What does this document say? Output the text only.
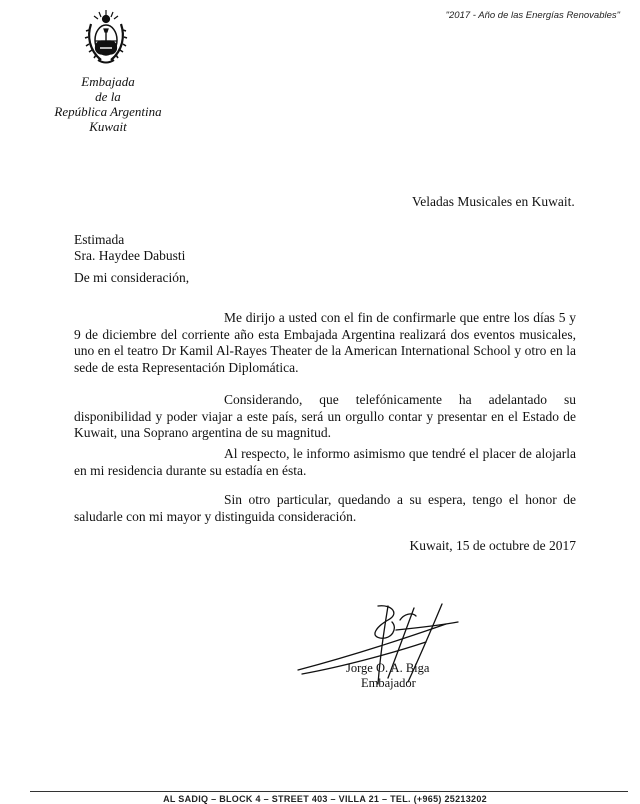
"2017 - Año de las Energías Renovables"
Embajada
de la
República Argentina
Kuwait
Veladas Musicales en Kuwait.
Estimada
Sra. Haydee Dabusti
De mi consideración,
Me dirijo a usted con el fin de confirmarle que entre los días 5 y 9 de diciembre del corriente año esta Embajada Argentina realizará dos eventos musicales, uno en el teatro Dr Kamil Al-Rayes Theater de la American International School y otro en la sede de esta Representación Diplomática.
Considerando, que telefónicamente ha adelantado su disponibilidad y poder viajar a este país, será un orgullo contar y presentar en el Estado de Kuwait, una Soprano argentina de su magnitud.
Al respecto, le informo asimismo que tendré el placer de alojarla en mi residencia durante su estadía en ésta.
Sin otro particular, quedando a su espera, tengo el honor de saludarle con mi mayor y distinguida consideración.
Kuwait, 15 de octubre de 2017
Jorge O. A. Biga
Embajador
AL SADIQ – BLOCK 4 – STREET 403 – VILLA 21 – TEL. (+965) 25213202
